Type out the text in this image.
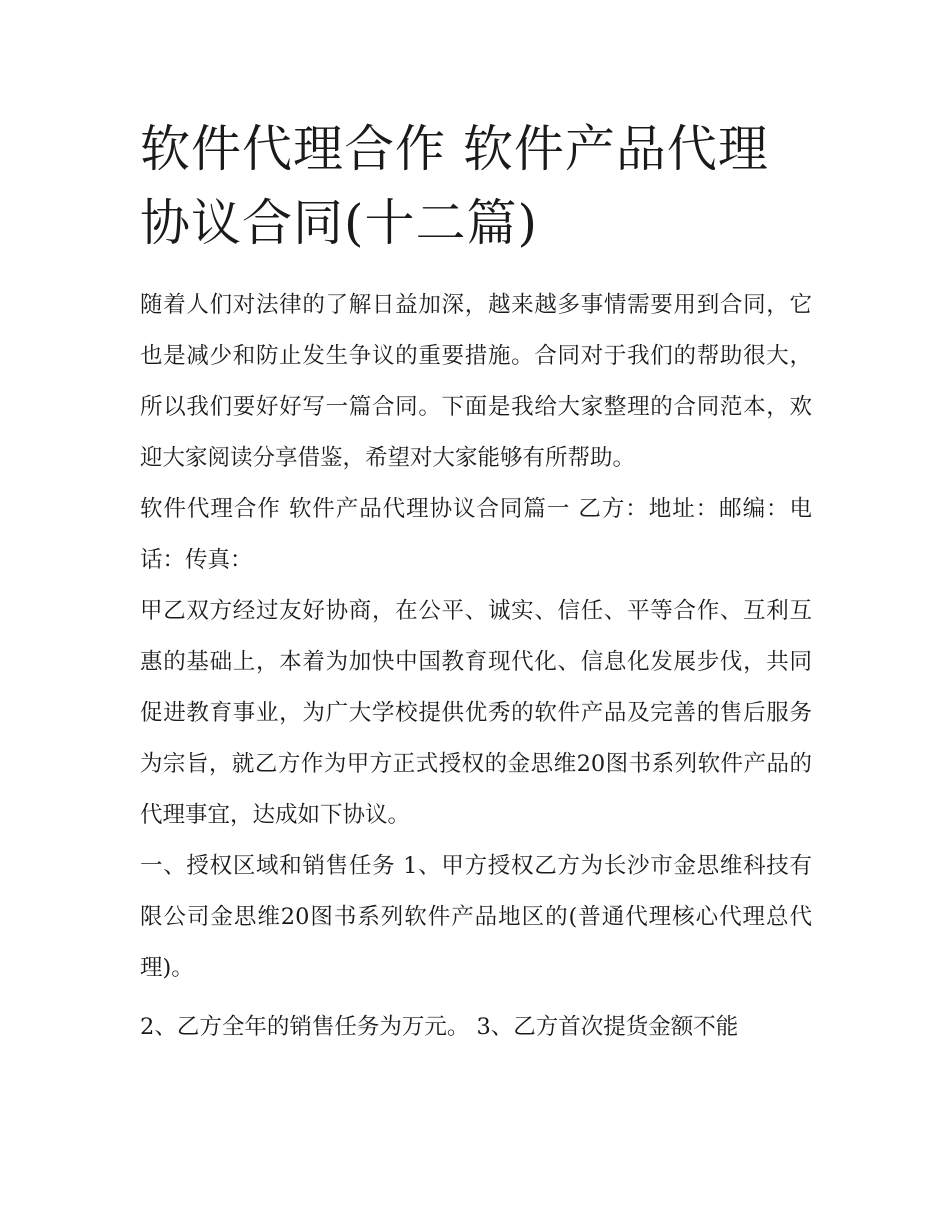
软件代理合作 软件产品代理协议合同(十二篇)

随着人们对法律的了解日益加深，越来越多事情需要用到合同，它也是减少和防止发生争议的重要措施。合同对于我们的帮助很大，所以我们要好好写一篇合同。下面是我给大家整理的合同范本，欢迎大家阅读分享借鉴，希望对大家能够有所帮助。

软件代理合作 软件产品代理协议合同篇一 乙方：地址：邮编：电话：传真：

甲乙双方经过友好协商，在公平、诚实、信任、平等合作、互利互惠的基础上，本着为加快中国教育现代化、信息化发展步伐，共同促进教育事业，为广大学校提供优秀的软件产品及完善的售后服务为宗旨，就乙方作为甲方正式授权的金思维20图书系列软件产品的代理事宜，达成如下协议。

一、授权区域和销售任务 1、甲方授权乙方为长沙市金思维科技有限公司金思维20图书系列软件产品地区的(普通代理核心代理总代理)。

2、乙方全年的销售任务为万元。 3、乙方首次提货金额不能
